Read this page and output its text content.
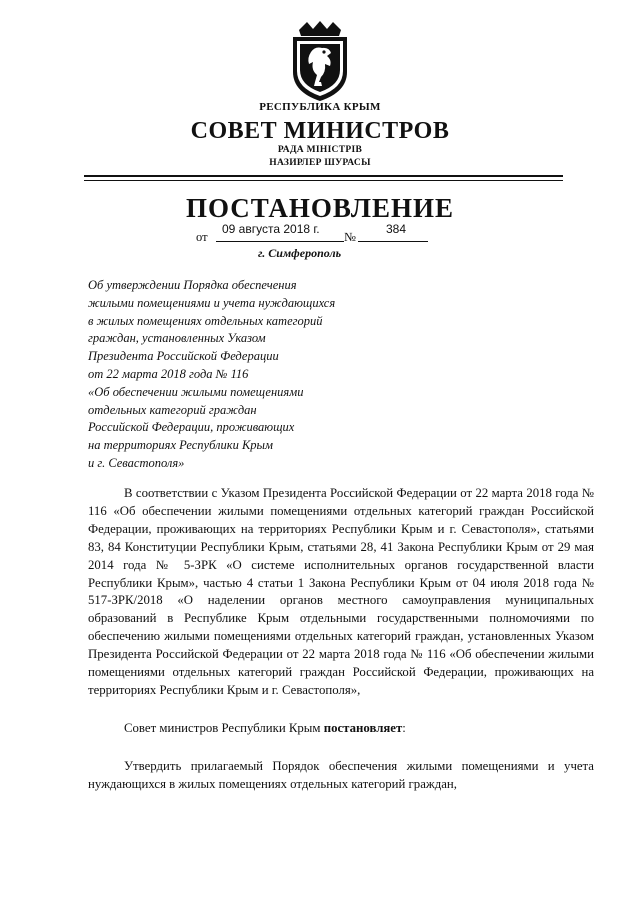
РЕСПУБЛИКА КРЫМ
СОВЕТ МИНИСТРОВ
РАДА МІНІСТРІВ
НАЗИРЛЕР ШУРАСЫ
ПОСТАНОВЛЕНИЕ
от
09 августа 2018 г.
№
384
г. Симферополь
Об утверждении Порядка обеспечения
жилыми помещениями и учета нуждающихся
в жилых помещениях отдельных категорий
граждан, установленных Указом
Президента Российской Федерации
от 22 марта 2018 года № 116
«Об обеспечении жилыми помещениями
отдельных категорий граждан
Российской Федерации, проживающих
на территориях Республики Крым
и г. Севастополя»

В соответствии с Указом Президента Российской Федерации от 22 марта 2018 года № 116 «Об обеспечении жилыми помещениями отдельных категорий граждан Российской Федерации, проживающих на территориях Республики Крым и г. Севастополя», статьями 83, 84 Конституции Республики Крым, статьями 28, 41 Закона Республики Крым от 29 мая 2014 года № 5-ЗРК «О системе исполнительных органов государственной власти Республики Крым», частью 4 статьи 1 Закона Республики Крым от 04 июля 2018 года № 517-ЗРК/2018 «О наделении органов местного самоуправления муниципальных образований в Республике Крым отдельными государственными полномочиями по обеспечению жилыми помещениями отдельных категорий граждан, установленных Указом Президента Российской Федерации от 22 марта 2018 года № 116 «Об обеспечении жилыми помещениями отдельных категорий граждан Российской Федерации, проживающих на территориях Республики Крым и г. Севастополя»,

Совет министров Республики Крым постановляет:

Утвердить прилагаемый Порядок обеспечения жилыми помещениями и учета нуждающихся в жилых помещениях отдельных категорий граждан,
